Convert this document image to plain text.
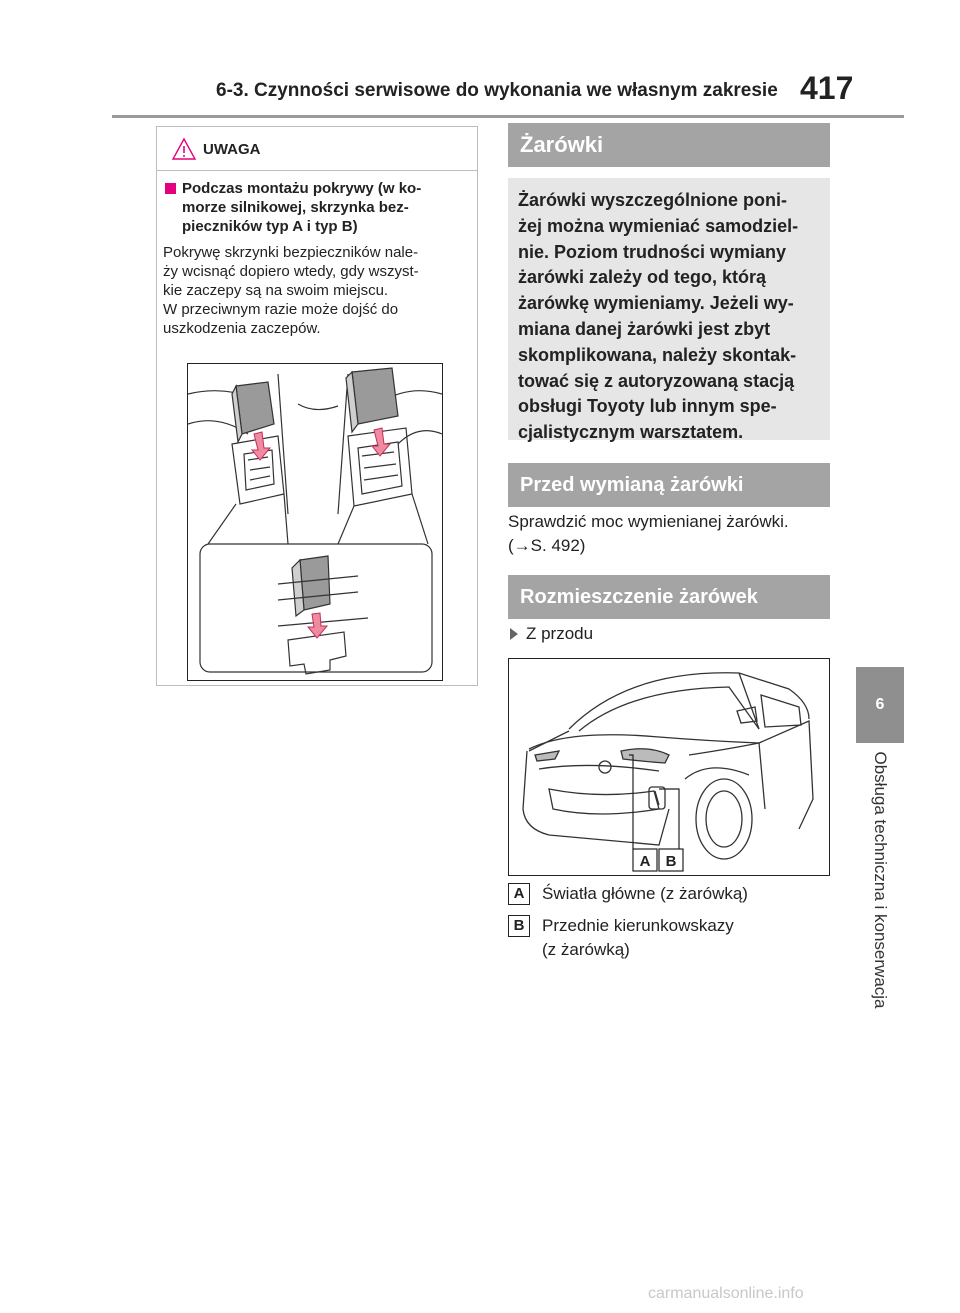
6-3. Czynności serwisowe do wykonania we własnym zakresie 417
6
Obsługa techniczna i konserwacja
UWAGA
Podczas montażu pokrywy (w ko-
morze silnikowej, skrzynka bez-
pieczników typ A i typ B)

Pokrywę skrzynki bezpieczników nale-

ży wcisnąć dopiero wtedy, gdy wszyst-

kie zaczepy są na swoim miejscu.

W przeciwnym razie może dojść do

uszkodzenia zaczepów.

Żarówki
Żarówki wyszczególnione poni-
żej można wymieniać samodziel-
nie. Poziom trudności wymiany
żarówki zależy od tego, którą
żarówkę wymieniamy. Jeżeli wy-
miana danej żarówki jest zbyt
skomplikowana, należy skontak-
tować się z autoryzowaną stacją
obsługi Toyoty lub innym spe-
cjalistycznym warsztatem.
Przed wymianą żarówki
Sprawdzić moc wymienianej żarówki.
(→S. 492)
Rozmieszczenie żarówek
Z przodu
A B
A	Światła główne (z żarówką)
B	Przednie kierunkowskazy
(z żarówką)
carmanualsonline.info
